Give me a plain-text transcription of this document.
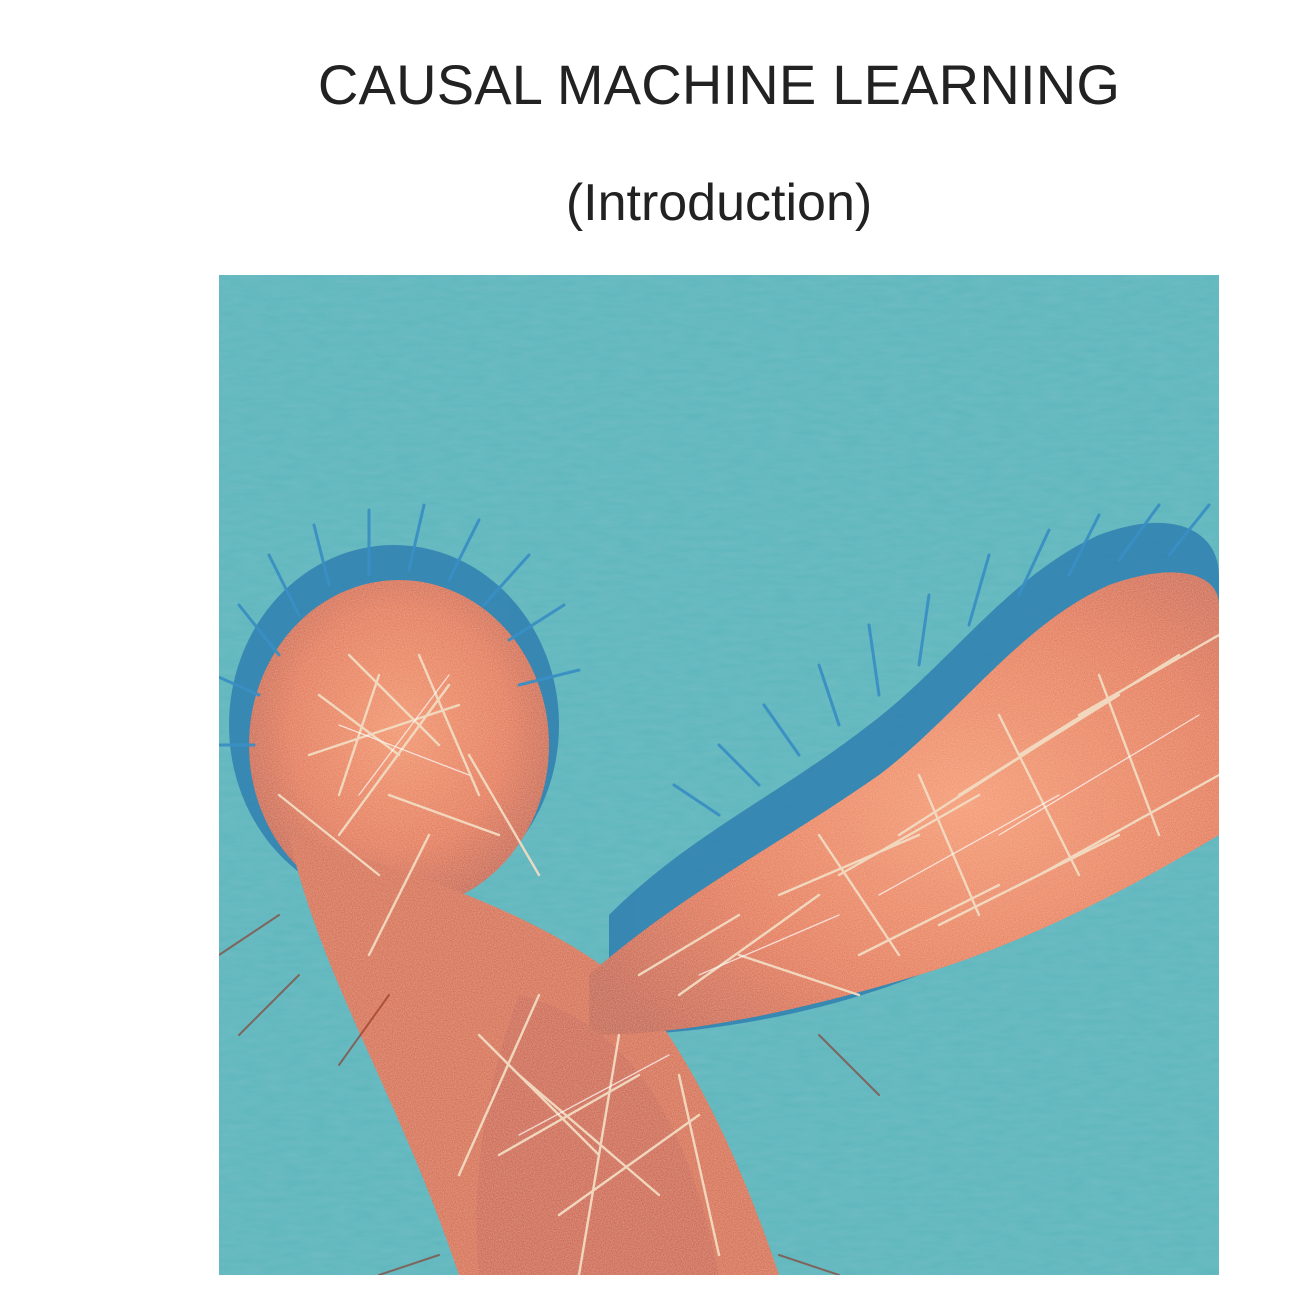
CAUSAL MACHINE LEARNING
(Introduction)
